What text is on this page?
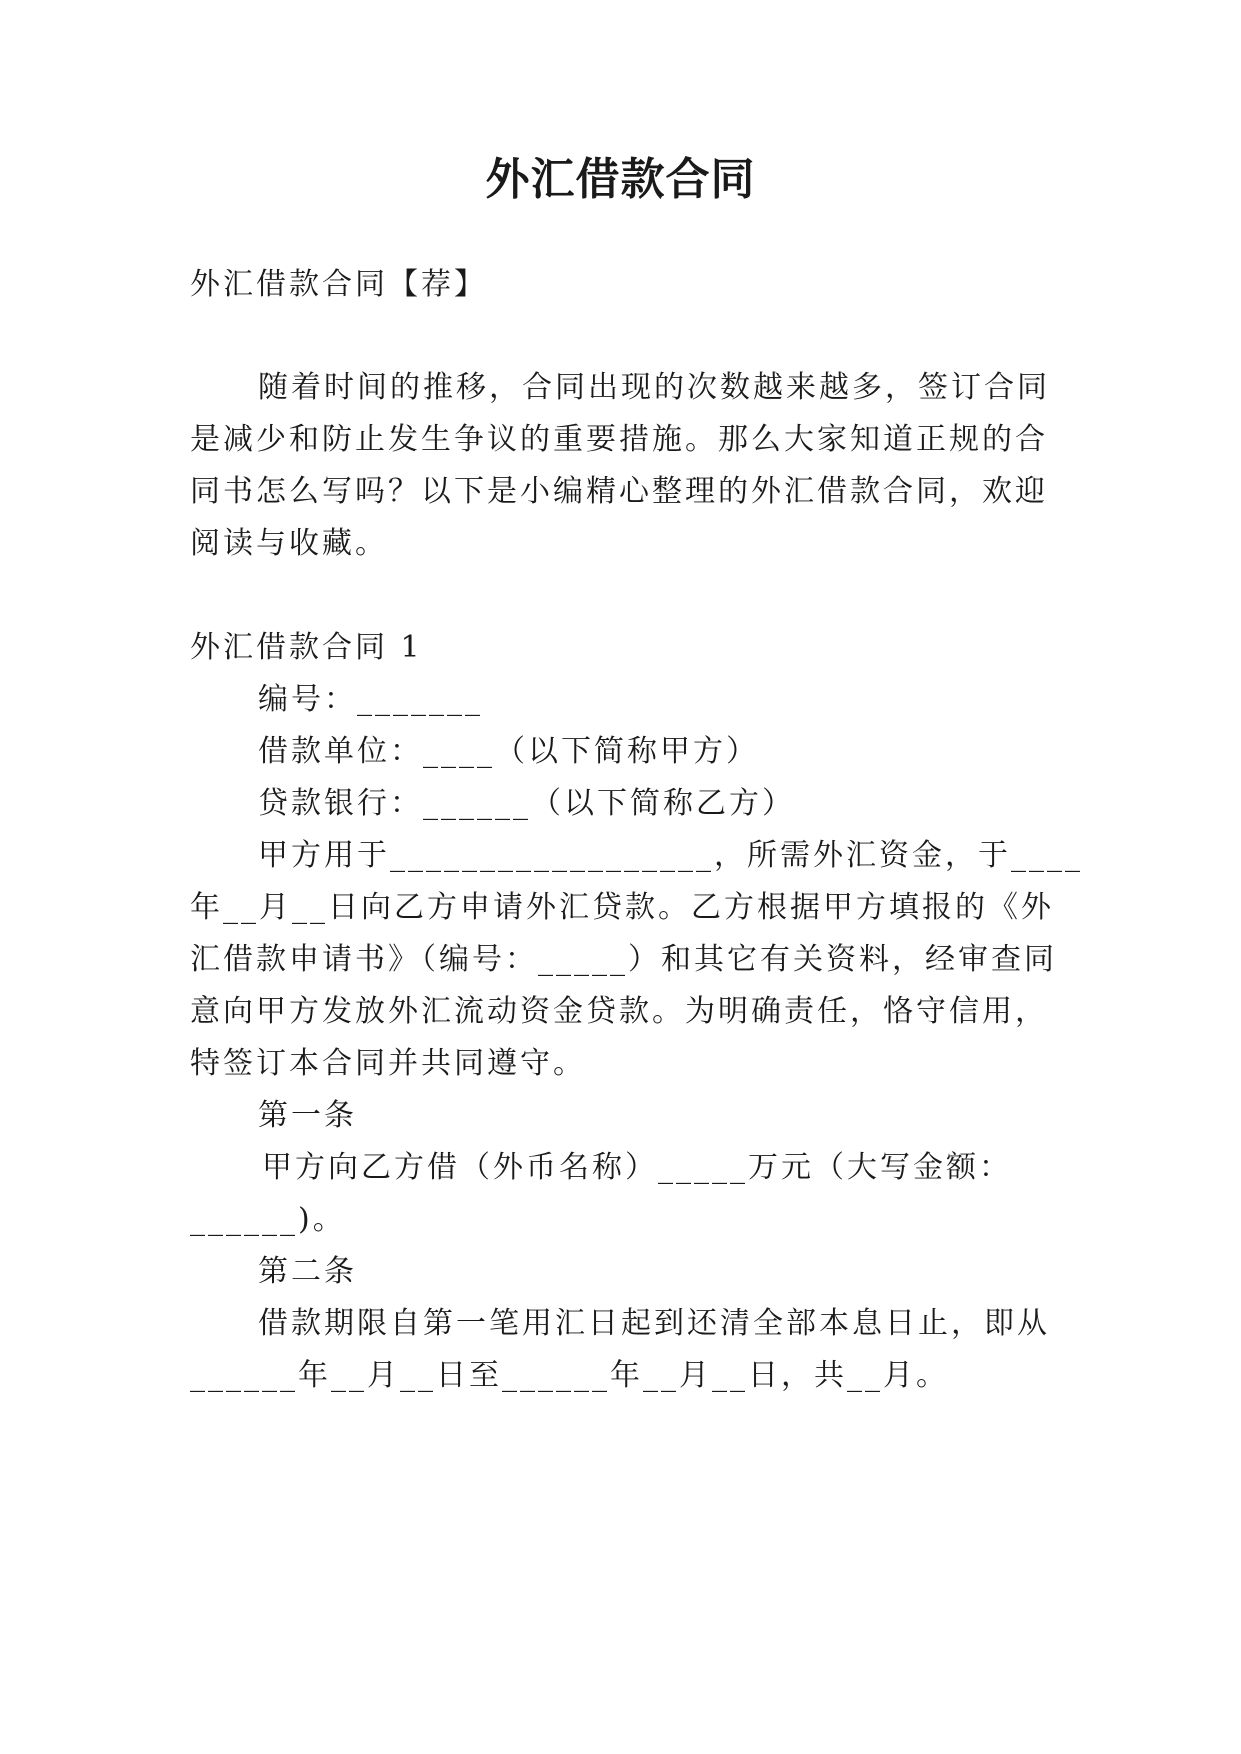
外汇借款合同
外汇借款合同【荐】
随着时间的推移，合同出现的次数越来越多，签订合同
是减少和防止发生争议的重要措施。那么大家知道正规的合
同书怎么写吗？以下是小编精心整理的外汇借款合同，欢迎
阅读与收藏。
外汇借款合同 1
编号：_______
借款单位：____（以下简称甲方）
贷款银行：______（以下简称乙方）
甲方用于__________________，所需外汇资金，于____
年__月__日向乙方申请外汇贷款。乙方根据甲方填报的《外
汇借款申请书》（编号：_____）和其它有关资料，经审查同
意向甲方发放外汇流动资金贷款。为明确责任，恪守信用，
特签订本合同并共同遵守。
第一条
甲方向乙方借（外币名称）_____万元（大写金额：
______)。
第二条
借款期限自第一笔用汇日起到还清全部本息日止，即从
______年__月__日至______年__月__日，共__月。
